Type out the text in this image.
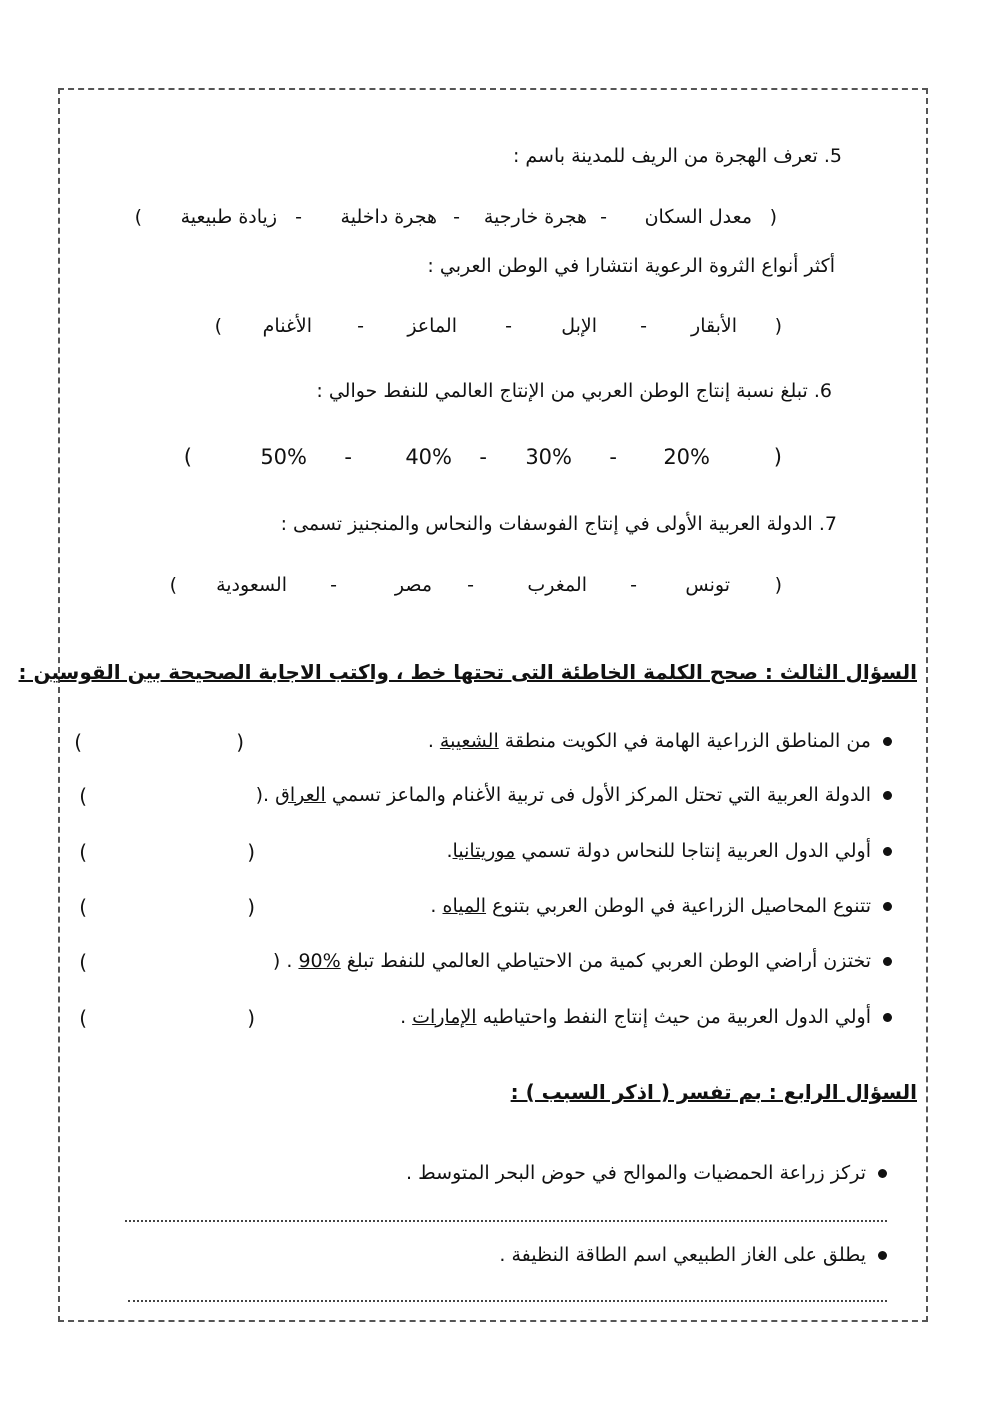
5. تعرف الهجرة من الريف للمدينة باسم :
(
معدل السكان
-
هجرة خارجية
-
هجرة داخلية
-
زيادة طبيعية
)
أكثر أنواع الثروة الرعوية انتشارا في الوطن العربي :
(
الأبقار
-
الإبل
-
الماعز
-
الأغنام
)
6. تبلغ نسبة إنتاج الوطن العربي من الإنتاج العالمي للنفط حوالي :
(
20%
-
30%
-
40%
-
50%
)
7. الدولة العربية الأولى في إنتاج الفوسفات والنحاس والمنجنيز تسمى :
(
تونس
-
المغرب
-
مصر
-
السعودية
)
السؤال الثالث : صحح الكلمة الخاطئة التى تحتها خط ، واكتب الاجابة الصحيحة بين القوسين :
من المناطق الزراعية الهامة في الكويت منطقة الشعيبة .
(
)
الدولة العربية التي تحتل المركز الأول فى تربية الأغنام والماعز تسمي العراق .(
)
أولي الدول العربية إنتاجا للنحاس دولة تسمي موريتانيا.
(
)
تتنوع المحاصيل الزراعية في الوطن العربي بتنوع المياه .
(
)
تختزن أراضي الوطن العربي كمية من الاحتياطي العالمي للنفط تبلغ 90% . (
)
أولي الدول العربية من حيث إنتاج النفط واحتياطيه الإمارات .
(
)
السؤال الرابع : بم تفسر ( اذكر السبب ) :
تركز زراعة الحمضيات والموالح في حوض البحر المتوسط .
يطلق على الغاز الطبيعي اسم الطاقة النظيفة .
